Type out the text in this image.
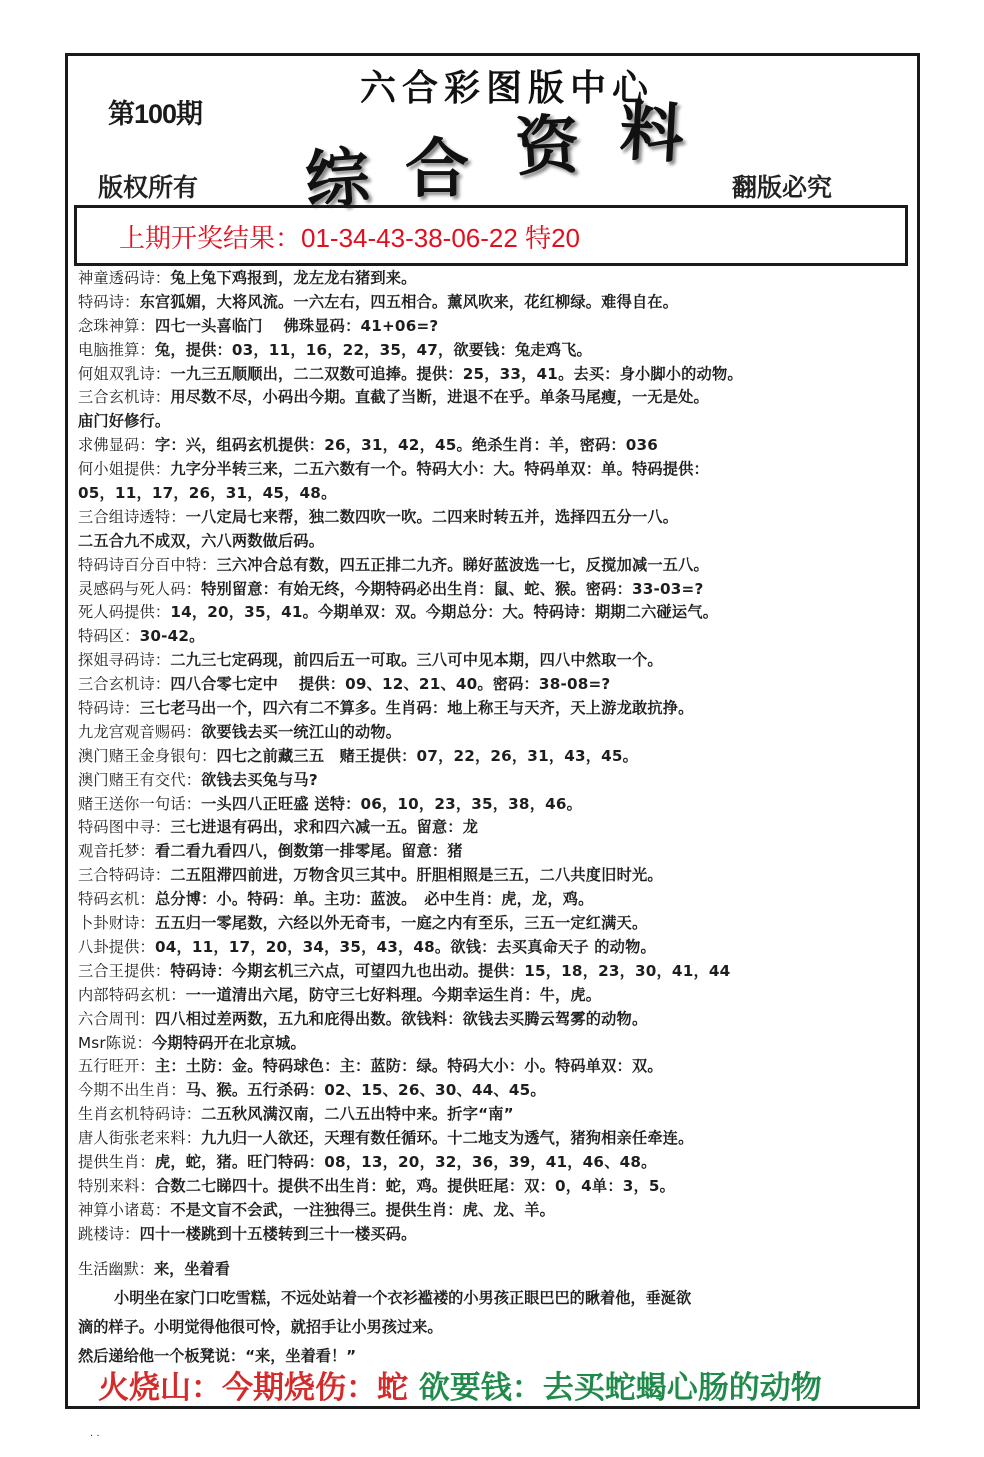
第100期
六合彩图版中心
综 合 资 料
版权所有	翻版必究
上期开奖结果：01-34-43-38-06-22 特20
神童透码诗：兔上兔下鸡报到，龙左龙右猪到来。
特码诗：东宫狐媚，大将风流。一六左右，四五相合。薰风吹来，花红柳绿。难得自在。
念珠神算：四七一头喜临门　 佛珠显码：41+06=?
电脑推算：兔，提供：03，11，16，22，35，47，欲要钱：兔走鸡飞。
何姐双乳诗：一九三五顺顺出，二二双数可追捧。提供：25，33，41。去买：身小脚小的动物。
三合玄机诗：用尽数不尽，小码出今期。直截了当断，进退不在乎。单条马尾瘦，一无是处。
庙门好修行。
求佛显码：字：兴，组码玄机提供：26，31，42，45。绝杀生肖：羊，密码：036
何小姐提供：九字分半转三来，二五六数有一个。特码大小：大。特码单双：单。特码提供：
05，11，17，26，31，45，48。
三合组诗透特：一八定局七来帮，独二数四吹一吹。二四来时转五并，选择四五分一八。
二五合九不成双，六八两数做后码。
特码诗百分百中特：三六冲合总有数，四五正排二九齐。睇好蓝波选一七，反搅加减一五八。
灵感码与死人码：特别留意：有始无终，今期特码必出生肖：鼠、蛇、猴。密码：33-03=?
死人码提供：14，20，35，41。今期单双：双。今期总分：大。特码诗：期期二六碰运气。
特码区：30-42。
探姐寻码诗：二九三七定码现，前四后五一可取。三八可中见本期，四八中然取一个。
三合玄机诗：四八合零七定中　 提供：09、12、21、40。密码：38-08=?
特码诗：三七老马出一个，四六有二不算多。生肖码：地上称王与天齐，天上游龙敢抗挣。
九龙宫观音赐码：欲要钱去买一统江山的动物。
澳门赌王金身银句：四七之前藏三五　赌王提供：07，22，26，31，43，45。
澳门赌王有交代：欲钱去买兔与马?
赌王送你一句话：一头四八正旺盛 送特：06，10，23，35，38，46。
特码图中寻：三七进退有码出，求和四六减一五。留意：龙
观音托梦：看二看九看四八，倒数第一排零尾。留意：猪
三合特码诗：二五阻滞四前进，万物含贝三其中。肝胆相照是三五，二八共度旧时光。
特码玄机：总分博：小。特码：单。主功：蓝波。　必中生肖：虎，龙，鸡。
卜卦财诗：五五归一零尾数，六经以外无奇韦，一庭之内有至乐，三五一定红满天。
八卦提供：04，11，17，20，34，35，43，48。欲钱：去买真命天子 的动物。
三合王提供：特码诗：今期玄机三六点，可望四九也出动。提供：15，18，23，30，41，44
内部特码玄机：一一道清出六尾，防守三七好料理。今期幸运生肖：牛，虎。
六合周刊：四八相过差两数，五九和庇得出数。欲钱料：欲钱去买腾云驾雾的动物。
Msr陈说：今期特码开在北京城。
五行旺开：主：土防：金。特码球色：主：蓝防：绿。特码大小：小。特码单双：双。
今期不出生肖：马、猴。五行杀码：02、15、26、30、44、45。
生肖玄机特码诗：二五秋风满汉南，二八五出特中来。折字“南”
唐人街张老来料：九九归一人欲还，天理有数任循环。十二地支为透气，猪狗相亲任牵连。
提供生肖：虎，蛇，猪。旺门特码：08，13，20，32，36，39，41，46、48。
特别来料：合数二七睇四十。提供不出生肖：蛇，鸡。提供旺尾：双：0，4单：3，5。
神算小诸葛：不是文盲不会武，一注独得三。提供生肖：虎、龙、羊。
跳楼诗：四十一楼跳到十五楼转到三十一楼买码。
生活幽默：来，坐着看
小明坐在家门口吃雪糕，不远处站着一个衣衫褴褛的小男孩正眼巴巴的瞅着他，垂涎欲
滴的样子。小明觉得他很可怜，就招手让小男孩过来。
然后递给他一个板凳说：“来，坐着看！”
火烧山：今期烧伤：蛇 欲要钱：去买蛇蝎心肠的动物
. .
